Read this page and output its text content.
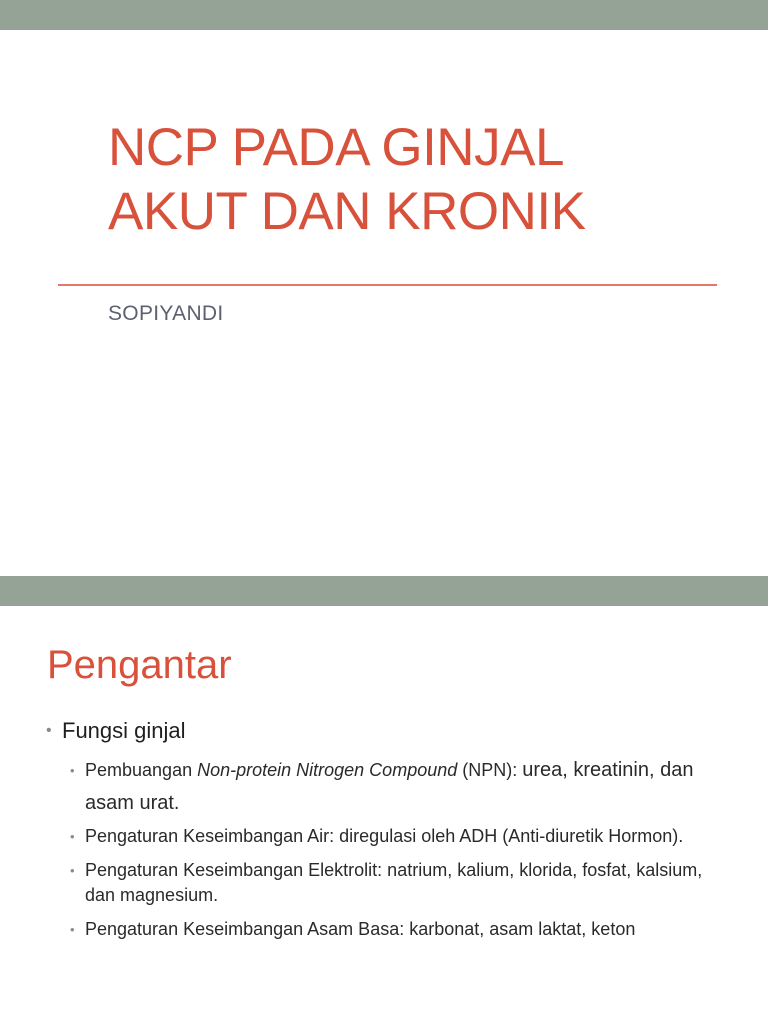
NCP PADA GINJAL
AKUT DAN KRONIK
SOPIYANDI
Pengantar
• Fungsi ginjal
• Pembuangan Non-protein Nitrogen Compound (NPN): urea, kreatinin, dan asam urat.
• Pengaturan Keseimbangan Air: diregulasi oleh ADH (Anti-diuretik Hormon).
• Pengaturan Keseimbangan Elektrolit: natrium, kalium, klorida, fosfat, kalsium, dan magnesium.
• Pengaturan Keseimbangan Asam Basa: karbonat, asam laktat, keton
